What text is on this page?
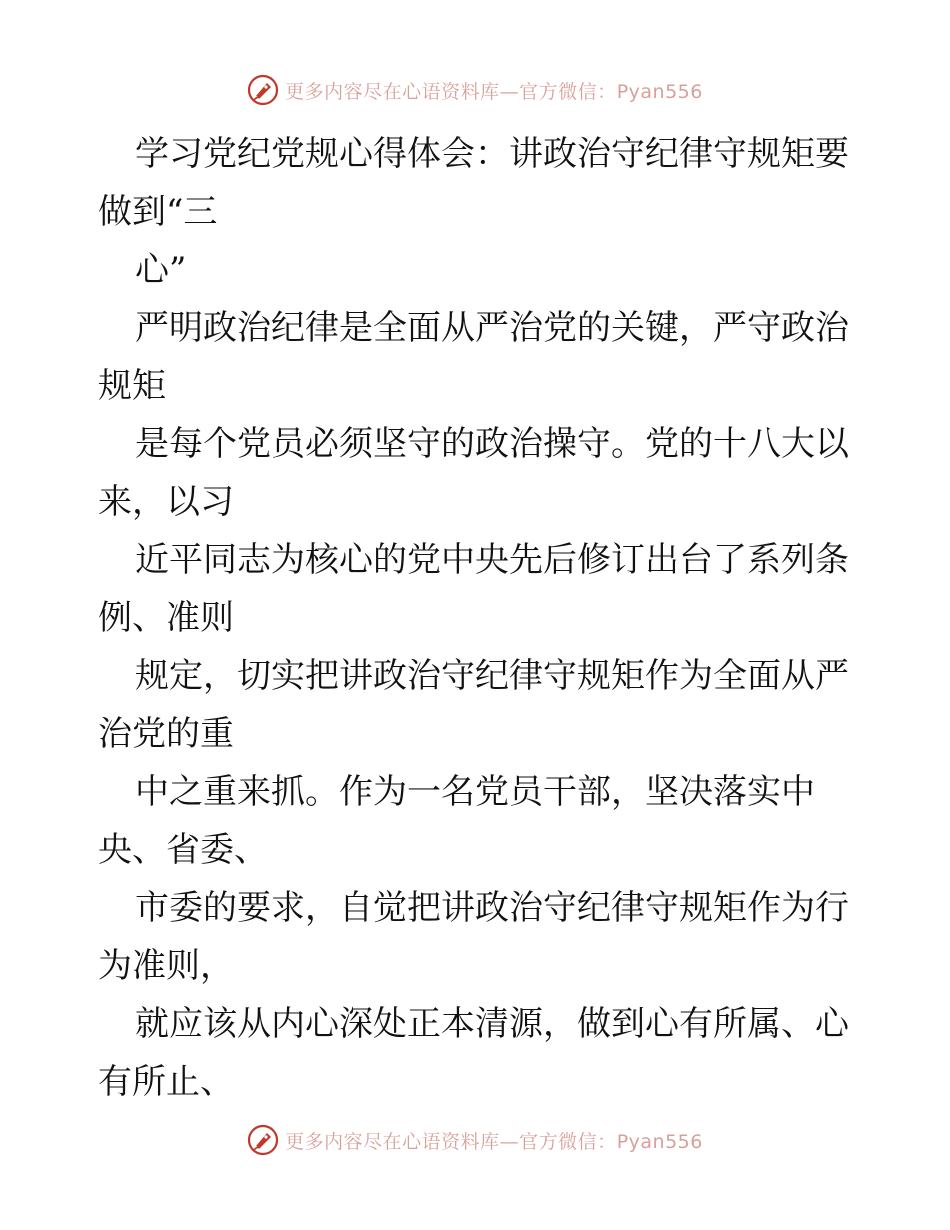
更多内容尽在心语资料库—官方微信：Pyan556

学习党纪党规心得体会：讲政治守纪律守规矩要
做到“三

心”

严明政治纪律是全面从严治党的关键，严守政治
规矩

是每个党员必须坚守的政治操守。党的十八大以
来，以习

近平同志为核心的党中央先后修订出台了系列条
例、准则

规定，切实把讲政治守纪律守规矩作为全面从严
治党的重

中之重来抓。作为一名党员干部，坚决落实中
央、省委、

市委的要求，自觉把讲政治守纪律守规矩作为行
为准则，

就应该从内心深处正本清源，做到心有所属、心
有所止、

更多内容尽在心语资料库—官方微信：Pyan556
